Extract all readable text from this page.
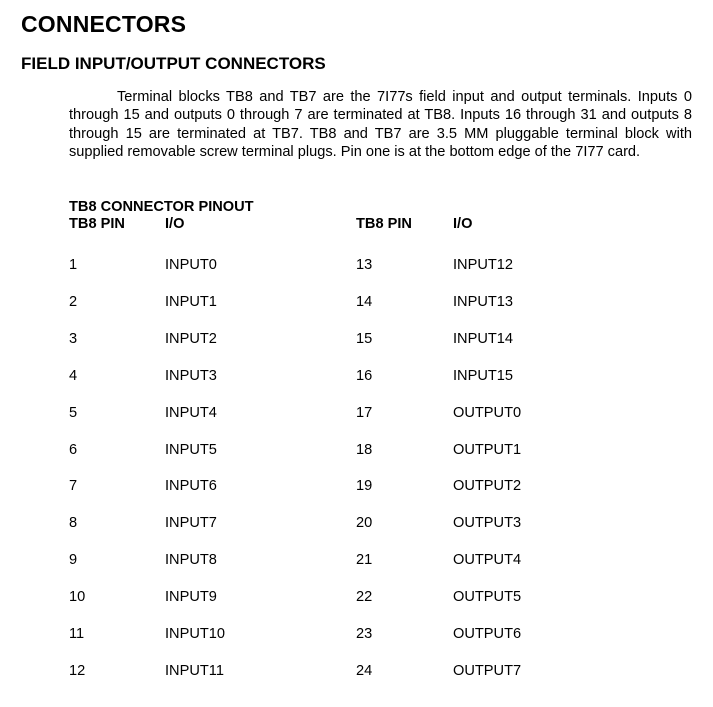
CONNECTORS
FIELD INPUT/OUTPUT CONNECTORS

Terminal blocks TB8 and TB7 are the 7I77s field input and output terminals. Inputs 0 through 15 and outputs 0 through 7 are terminated at TB8. Inputs 16 through 31 and outputs 8 through 15 are terminated at TB7. TB8 and TB7 are 3.5 MM pluggable terminal block with supplied removable screw terminal plugs. Pin one is at the bottom edge of the 7I77 card.

TB8 CONNECTOR PINOUT
TB8 PIN	I/O	TB8 PIN	I/O
1	INPUT0	13	INPUT12
2	INPUT1	14	INPUT13
3	INPUT2	15	INPUT14
4	INPUT3	16	INPUT15
5	INPUT4	17	OUTPUT0
6	INPUT5	18	OUTPUT1
7	INPUT6	19	OUTPUT2
8	INPUT7	20	OUTPUT3
9	INPUT8	21	OUTPUT4
10	INPUT9	22	OUTPUT5
11	INPUT10	23	OUTPUT6
12	INPUT11	24	OUTPUT7
